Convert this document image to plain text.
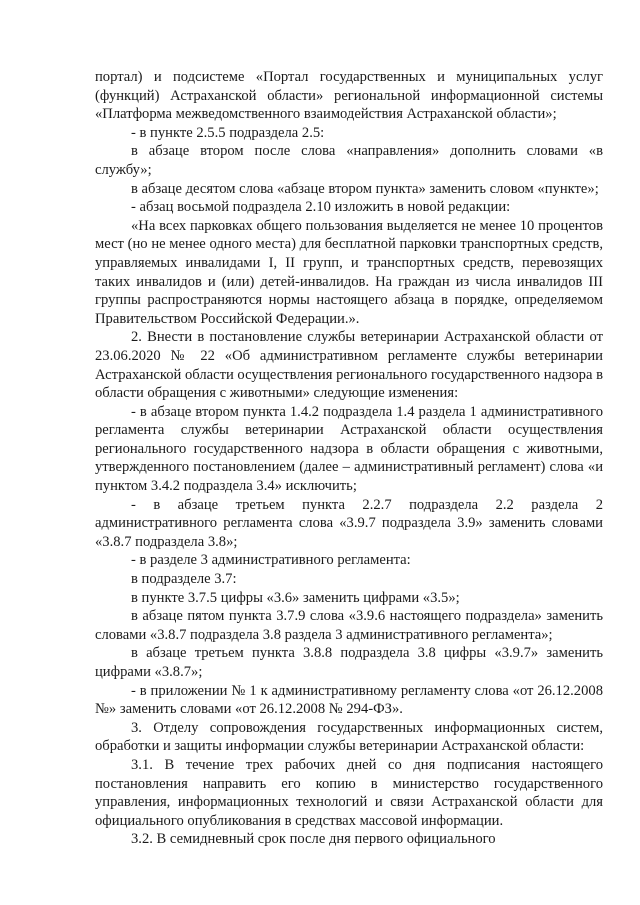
портал) и подсистеме «Портал государственных и муниципальных услуг (функций) Астраханской области» региональной информационной системы «Платформа межведомственного взаимодействия Астраханской области»;

- в пункте 2.5.5 подраздела 2.5:

в абзаце втором после слова «направления» дополнить словами «в службу»;

в абзаце десятом слова «абзаце втором пункта» заменить словом «пункте»;

- абзац восьмой подраздела 2.10 изложить в новой редакции:

«На всех парковках общего пользования выделяется не менее 10 процентов мест (но не менее одного места) для бесплатной парковки транспортных средств, управляемых инвалидами I, II групп, и транспортных средств, перевозящих таких инвалидов и (или) детей-инвалидов. На граждан из числа инвалидов III группы распространяются нормы настоящего абзаца в порядке, определяемом Правительством Российской Федерации.».

2. Внести в постановление службы ветеринарии Астраханской области от 23.06.2020 № 22 «Об административном регламенте службы ветеринарии Астраханской области осуществления регионального государственного надзора в области обращения с животными» следующие изменения:

- в абзаце втором пункта 1.4.2 подраздела 1.4 раздела 1 административного регламента службы ветеринарии Астраханской области осуществления регионального государственного надзора в области обращения с животными, утвержденного постановлением (далее – административный регламент) слова «и пунктом 3.4.2 подраздела 3.4» исключить;

- в абзаце третьем пункта 2.2.7 подраздела 2.2 раздела 2 административного регламента слова «3.9.7 подраздела 3.9» заменить словами «3.8.7 подраздела 3.8»;

- в разделе 3 административного регламента:

в подразделе 3.7:

в пункте 3.7.5 цифры «3.6» заменить цифрами «3.5»;

в абзаце пятом пункта 3.7.9 слова «3.9.6 настоящего подраздела» заменить словами «3.8.7 подраздела 3.8 раздела 3 административного регламента»;

в абзаце третьем пункта 3.8.8 подраздела 3.8 цифры «3.9.7» заменить цифрами «3.8.7»;

- в приложении № 1 к административному регламенту слова «от 26.12.2008 №» заменить словами «от 26.12.2008 № 294-ФЗ».

3. Отделу сопровождения государственных информационных систем, обработки и защиты информации службы ветеринарии Астраханской области:

3.1. В течение трех рабочих дней со дня подписания настоящего постановления направить его копию в министерство государственного управления, информационных технологий и связи Астраханской области для официального опубликования в средствах массовой информации.

3.2. В семидневный срок после дня первого официального
